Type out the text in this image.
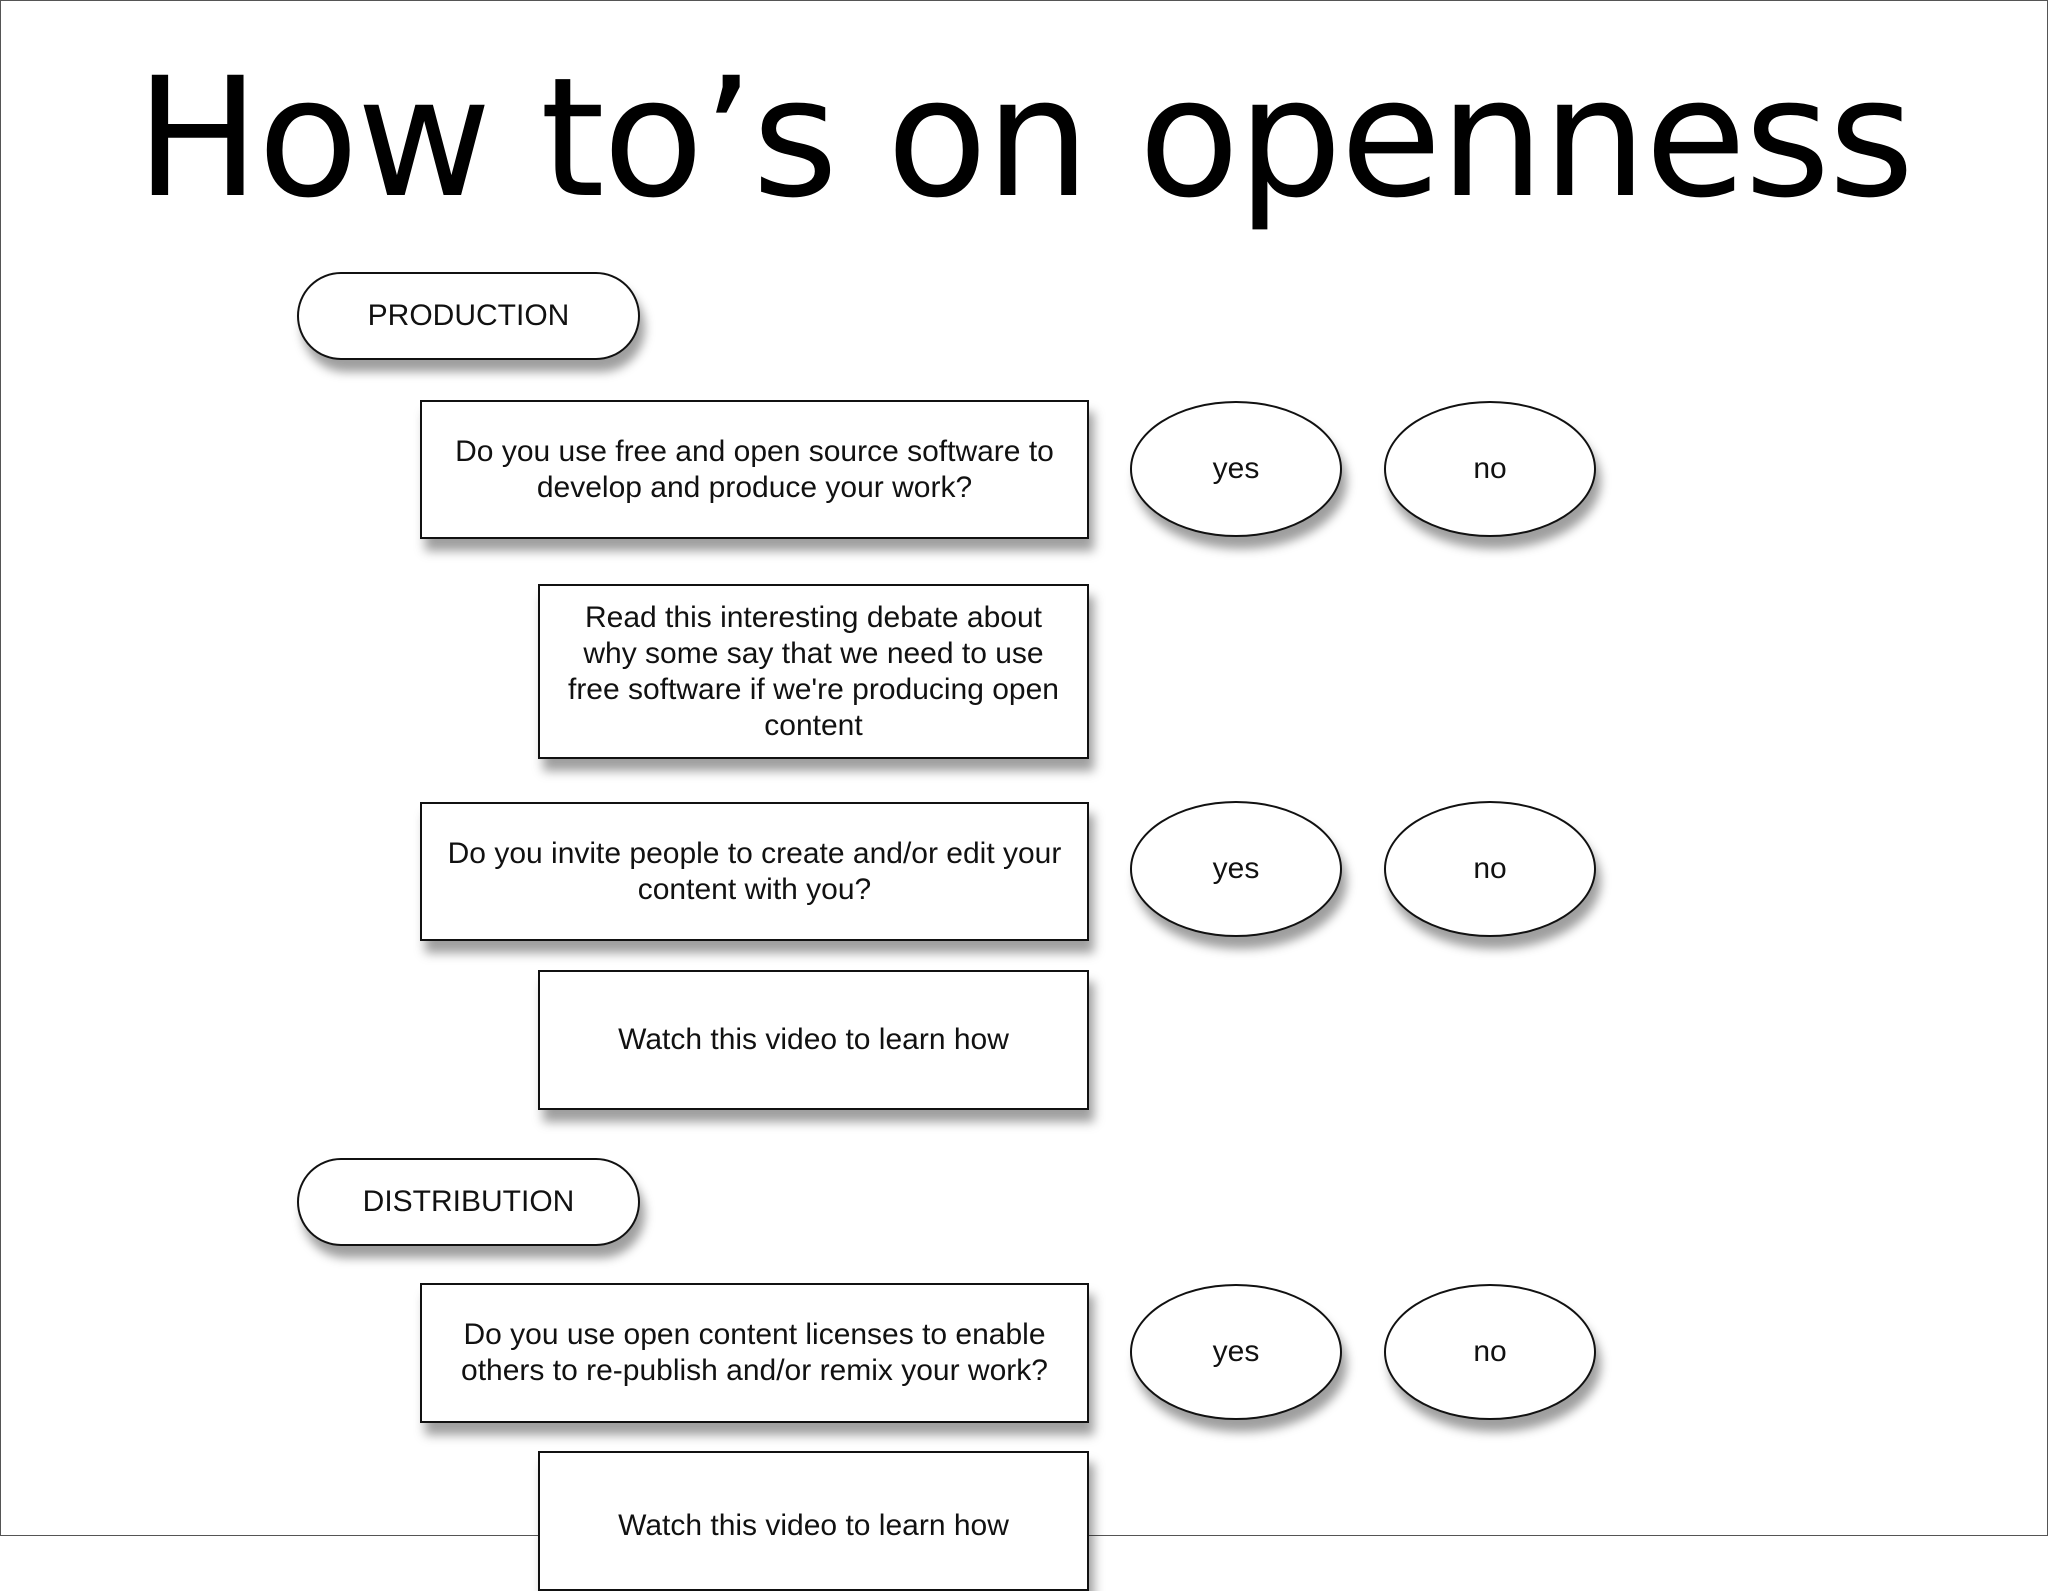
How to’s on openness
PRODUCTION
Do you use free and open source software to develop and produce your work?
yes	no
Read this interesting debate about why some say that we need to use free software if we're producing open content
Do you invite people to create and/or edit your content with you?
yes	no
Watch this video to learn how
DISTRIBUTION
Do you use open content licenses to enable others to re-publish and/or remix your work?
yes	no
Watch this video to learn how
